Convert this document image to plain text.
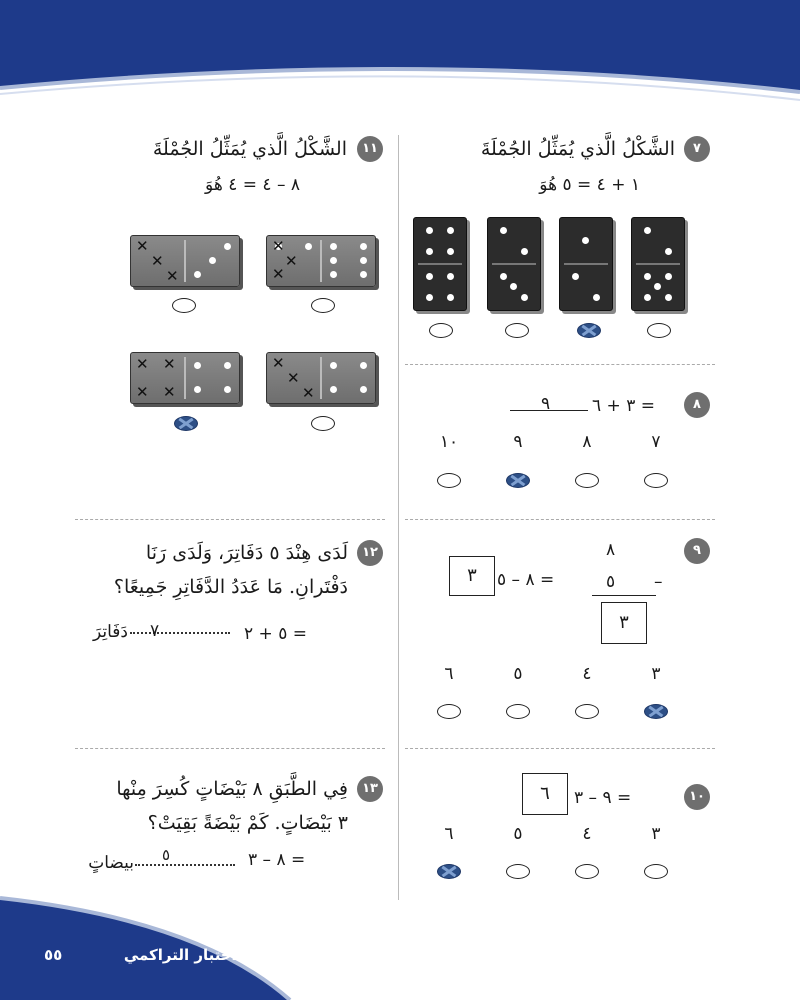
الاختبار التراكمي
٥٥
٧
الشَّكْلُ الَّذي يُمَثِّلُ الجُمْلَةَ
١ + ٤ = ٥ هُوَ
٨
٣ + ٦ =
٩
٧
٨
٩
١٠
٩
٨
–
٥
٣
٨ – ٥ =
٣
٣
٤
٥
٦
١٠
٩ – ٣ =
٦
٣
٤
٥
٦
١١
الشَّكْلُ الَّذي يُمَثِّلُ الجُمْلَةَ
٨ – ٤ = ٤ هُوَ
✕
✕
✕
✕
✕
✕
✕
✕
✕
✕ ✕
✕ ✕
١٢
لَدَى هِنْدَ ٥ دَفَاتِرَ، وَلَدَى رَنَا
دَفْتَرانِ. مَا عَدَدُ الدَّفَاتِرِ جَمِيعًا؟
٥ + ٢ =
٧
دَفَاتِرَ
١٣
فِي الطَّبَقِ ٨ بَيْضَاتٍ كُسِرَ مِنْها
٣ بَيْضَاتٍ. كَمْ بَيْضَةً بَقِيَتْ؟
٨ – ٣ =
٥
بيضاتٍ
